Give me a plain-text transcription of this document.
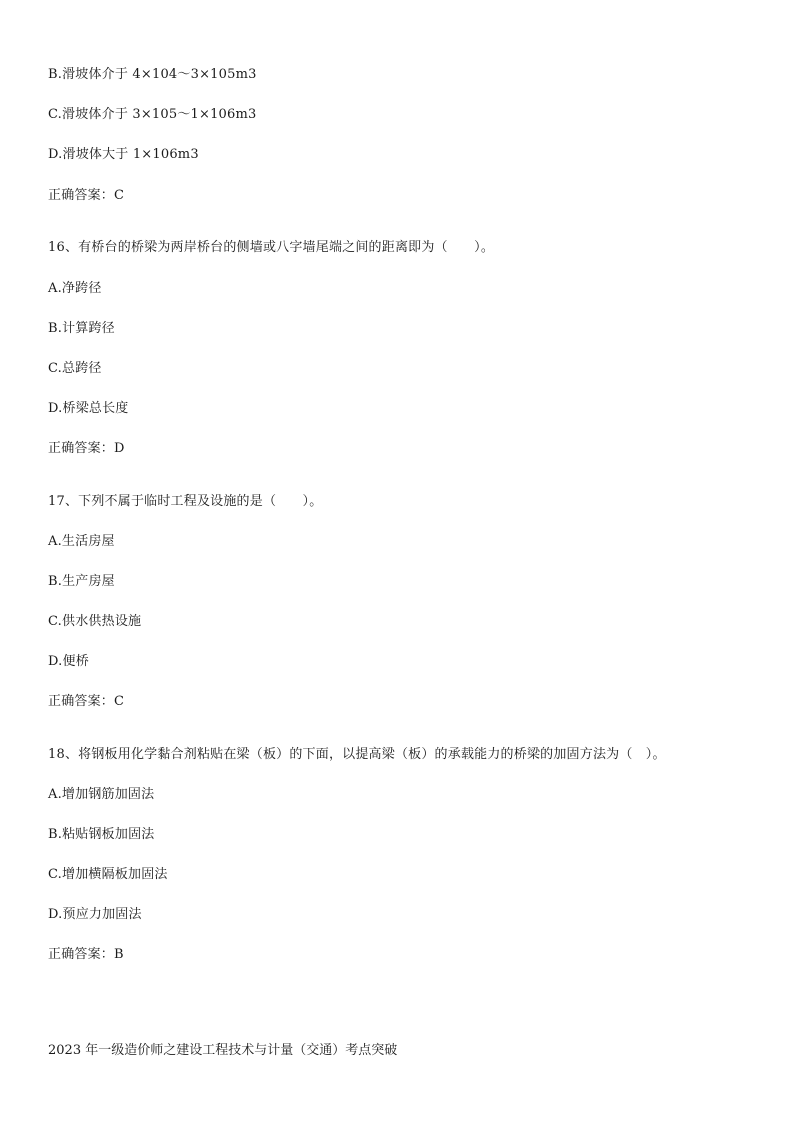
B.滑坡体介于 4×104～3×105m3
C.滑坡体介于 3×105～1×106m3
D.滑坡体大于 1×106m3
正确答案：C
16、有桥台的桥梁为两岸桥台的侧墙或八字墙尾端之间的距离即为（　　）。
A.净跨径
B.计算跨径
C.总跨径
D.桥梁总长度
正确答案：D
17、下列不属于临时工程及设施的是（　　）。
A.生活房屋
B.生产房屋
C.供水供热设施
D.便桥
正确答案：C
18、将钢板用化学黏合剂粘贴在梁（板）的下面，以提高梁（板）的承载能力的桥梁的加固方法为（　）。
A.增加钢筋加固法
B.粘贴钢板加固法
C.增加横隔板加固法
D.预应力加固法
正确答案：B
2023 年一级造价师之建设工程技术与计量（交通）考点突破
